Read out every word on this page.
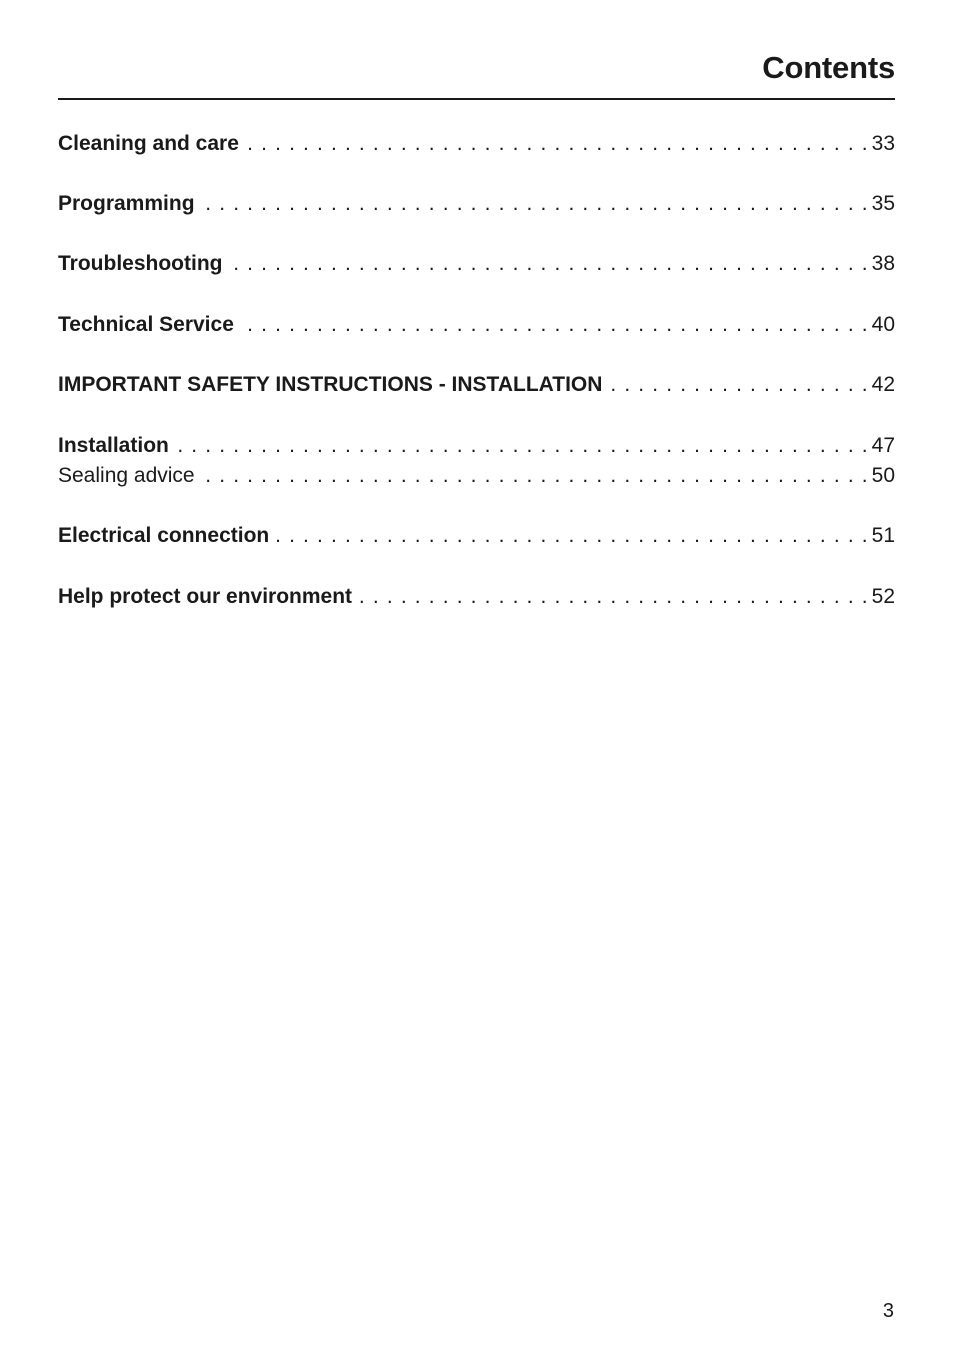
Contents
Cleaning and care . . .	33
Programming . . .	35
Troubleshooting . . .	38
Technical Service . . .	40
IMPORTANT SAFETY INSTRUCTIONS - INSTALLATION . . .	42
Installation . . .	47
Sealing advice . . .	50
Electrical connection . . .	51
Help protect our environment . . .	52

3
